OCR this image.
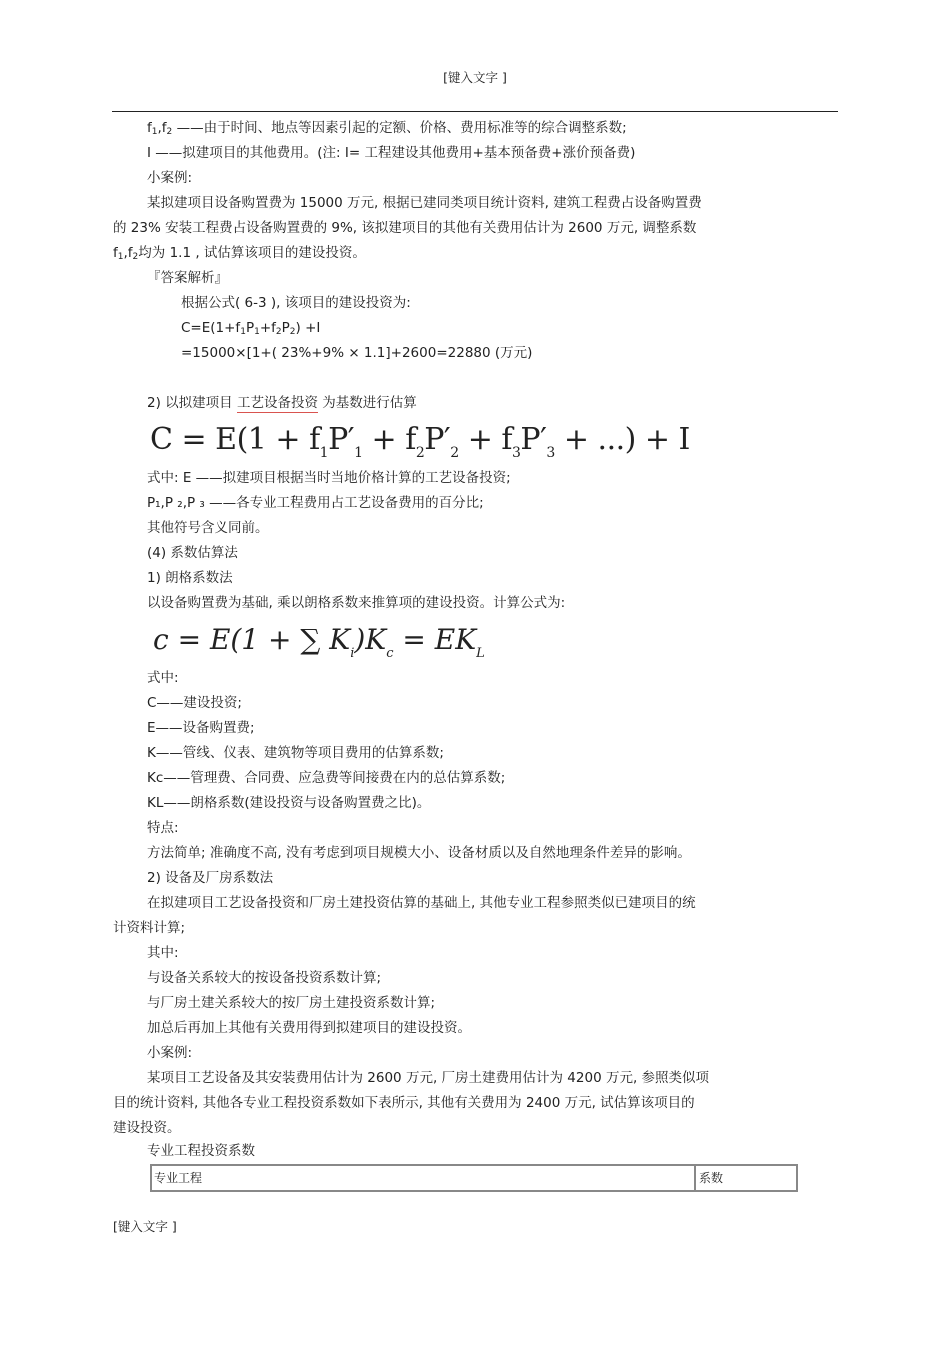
[键入文字 ]
$f_1,f_2$ ——由于时间、地点等因素引起的定额、价格、费用标准等的综合调整系数;
I ——拟建项目的其他费用。(注: I= 工程建设其他费用+基本预备费+涨价预备费)
小案例:
某拟建项目设备购置费为 15000 万元, 根据已建同类项目统计资料, 建筑工程费占设备购置费
的 23% 安装工程费占设备购置费的 9%, 该拟建项目的其他有关费用估计为 2600 万元, 调整系数
$f_1,f_2$均为 1.1 , 试估算该项目的建设投资。
『答案解析』
根据公式( 6-3 ), 该项目的建设投资为:
$C=E(1+f_1P_1+f_2P_2) +I$
=15000×[1+( 23%+9% × 1.1]+2600=22880 (万元)
2) 以拟建项目 工艺设备投资 为基数进行估算
$C = E(1 + f_1P'_1 + f_2P'_2 + f_3P'_3$ + ...) + I
式中: E ——拟建项目根据当时当地价格计算的工艺设备投资;
P₁,P ₂,P ₃ ——各专业工程费用占工艺设备费用的百分比;
其他符号含义同前。
(4) 系数估算法
1) 朗格系数法
以设备购置费为基础, 乘以朗格系数来推算项的建设投资。计算公式为:
c = E(1 + ∑ $K_i)K_c = EK_L$
式中:
C——建设投资;
E——设备购置费;
K——管线、仪表、建筑物等项目费用的估算系数;
Kc——管理费、合同费、应急费等间接费在内的总估算系数;
KL——朗格系数(建设投资与设备购置费之比)。
特点:
方法简单; 准确度不高, 没有考虑到项目规模大小、设备材质以及自然地理条件差异的影响。
2) 设备及厂房系数法
在拟建项目工艺设备投资和厂房土建投资估算的基础上, 其他专业工程参照类似已建项目的统
计资料计算;
其中:
与设备关系较大的按设备投资系数计算;
与厂房土建关系较大的按厂房土建投资系数计算;
加总后再加上其他有关费用得到拟建项目的建设投资。
小案例:
某项目工艺设备及其安装费用估计为 2600 万元, 厂房土建费用估计为 4200 万元, 参照类似项
目的统计资料, 其他各专业工程投资系数如下表所示, 其他有关费用为 2400 万元, 试估算该项目的
建设投资。
专业工程投资系数
专业工程	系数
[键入文字 ]
